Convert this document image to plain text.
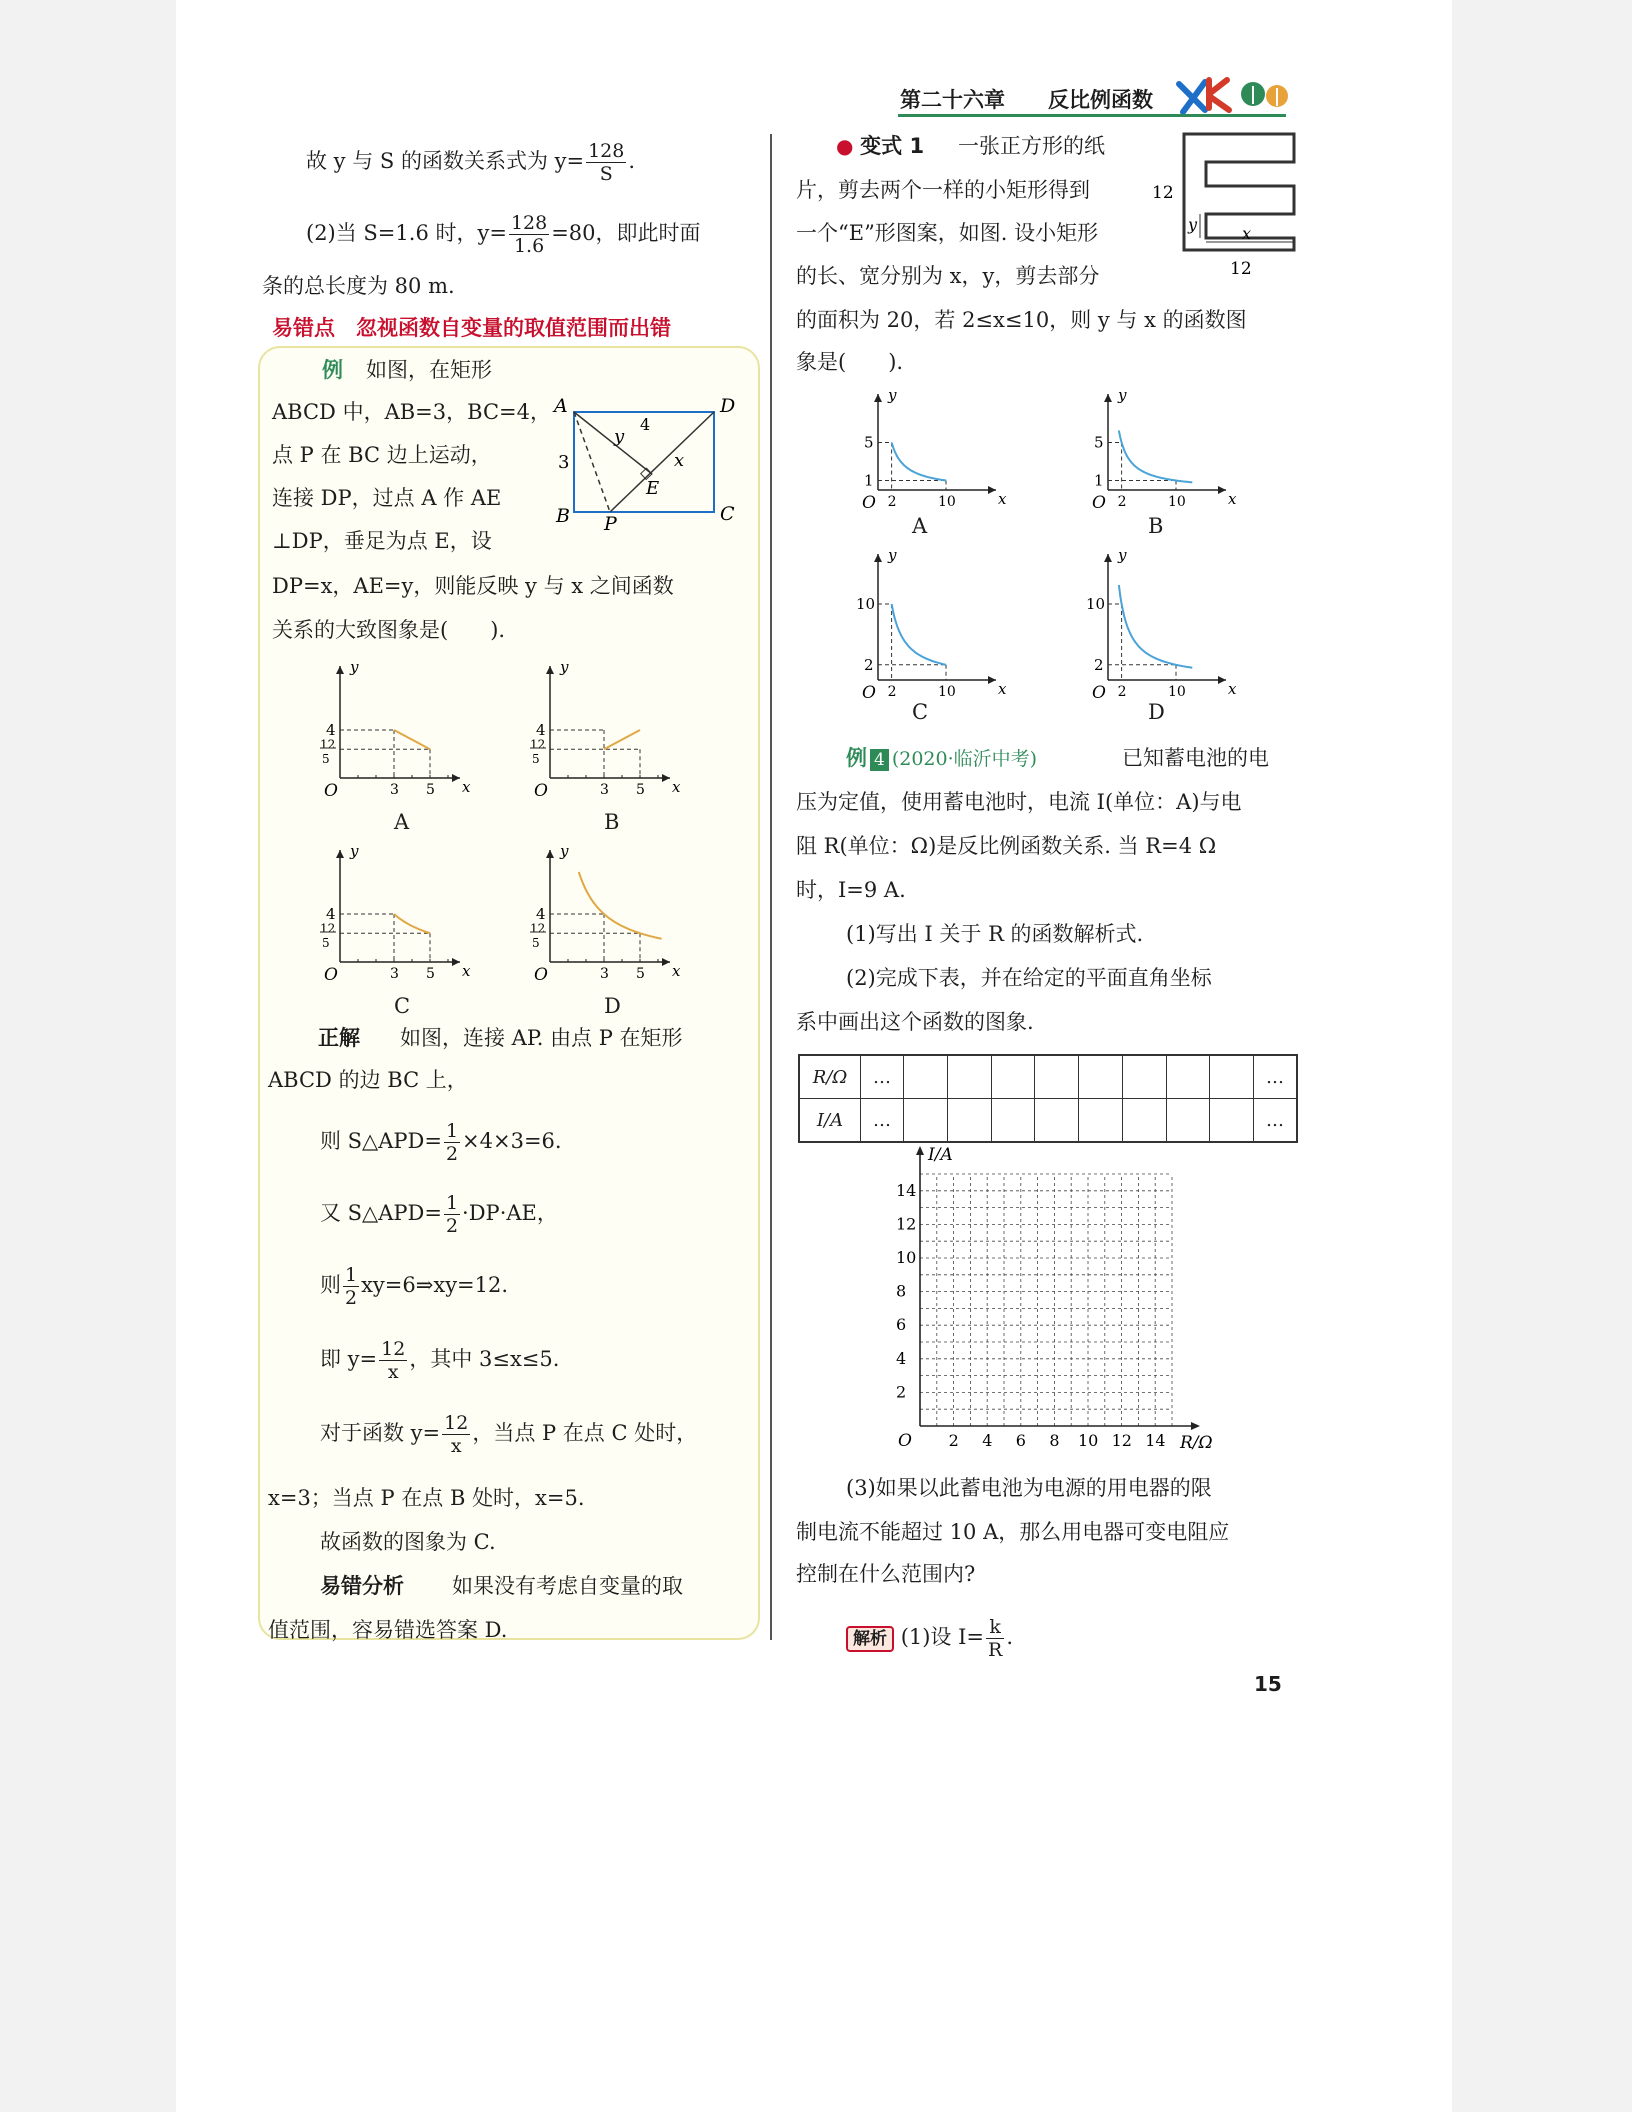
第二十六章 反比例函数
故 y 与 S 的函数关系式为 $y= \frac{128}{S}$ .
(2)当 S=1.6 时，$y= \frac{128}{1.6} =80$，即此时面
条的总长度为 80 m.
易错点　忽视函数自变量的取值范围而出错
例 如图，在矩形
ABCD 中，AB=3，BC=4，
点 P 在 BC 边上运动，
连接 DP，过点 A 作 AE
⊥DP，垂足为点 E，设
DP=x，AE=y，则能反映 y 与 x 之间函数
关系的大致图象是(　　).
A	D
B	C
P
E
3
4
y
x
y
x
O
4
12
5
3 5
A
y
x
O
4
12
5
3 5
B
y
x
O
4
12
5
3 5
C
y
x
O
4
12
5
3 5
D
正解 如图，连接 AP. 由点 P 在矩形
ABCD 的边 BC 上，
则 S△APD= $\frac{1}{2} \times 4\times 3=6$.
又 S△APD= $\frac{1}{2} \cdot DP\cdot AE$，
则 $\frac{1}{2}$ xy=6⇒xy=12.
即 $y= \frac{12}{x}$ ，其中 3≤x≤5.
对于函数 $y= \frac{12}{x}$ ，当点 P 在点 C 处时，
x=3；当点 P 在点 B 处时，x=5.
故函数的图象为 C.
易错分析 如果没有考虑自变量的取
值范围，容易错选答案 D.
● 变式 1 一张正方形的纸
片，剪去两个一样的小矩形得到
一个“E”形图案，如图. 设小矩形
的长、宽分别为 x，y，剪去部分
的面积为 20，若 2≤x≤10，则 y 与 x 的函数图
象是(　　).
12
12
y	x
y
x
O
5
1
2	10
A
y
x
O
5
1
2	10
B
y
x
O
10
2
2	10
C
y
x
O
10
2
2	10
D
例 4 (2020·临沂中考)	已知蓄电池的电
压为定值，使用蓄电池时，电流 I(单位：A)与电
阻 R(单位：Ω)是反比例函数关系. 当 R=4 Ω
时，I=9 A.
(1)写出 I 关于 R 的函数解析式.
(2)完成下表，并在给定的平面直角坐标
系中画出这个函数的图象.
R/Ω	…									…
I/A	…									…
I/A
R/Ω
O
14
12
10
8
6
4
2
2 4 6 8 10 12 14
(3)如果以此蓄电池为电源的用电器的限
制电流不能超过 10 A，那么用电器可变电阻应
控制在什么范围内?
解析 (1)设 $I= \frac{k}{R}$ .
15
